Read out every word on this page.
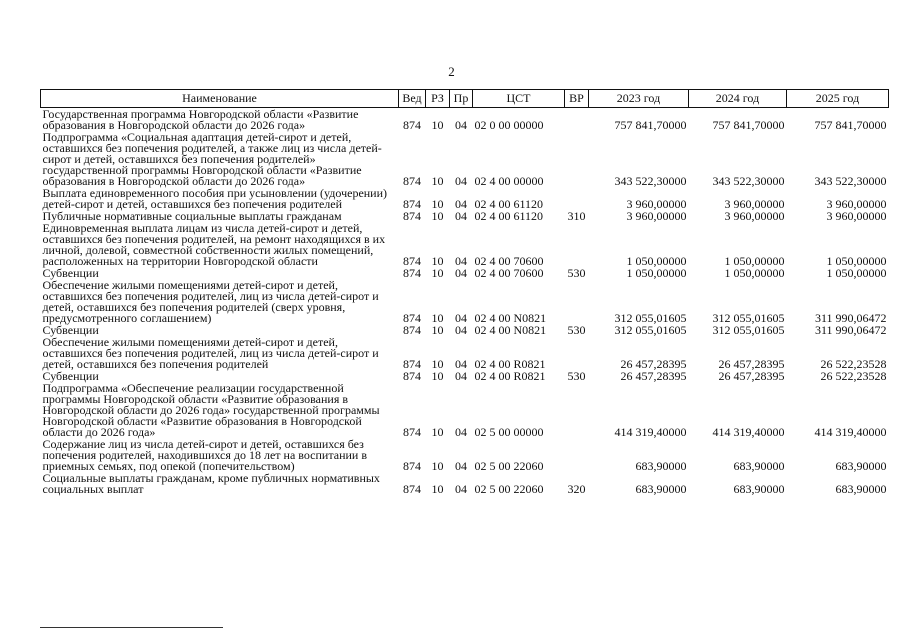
2
Наименование	Вед	РЗ	Пр	ЦСТ	ВР	2023 год	2024 год	2025 год
Государственная программа Новгородской области «Развитие образования в Новгородской области до 2026 года»	874	10	04	02 0 00 00000		757 841,70000	757 841,70000	757 841,70000
Подпрограмма «Социальная адаптация детей-сирот и детей, оставшихся без попечения родителей, а также лиц из числа детей-сирот и детей, оставшихся без попечения родителей» государственной программы Новгородской области «Развитие образования в Новгородской области до 2026 года»	874	10	04	02 4 00 00000		343 522,30000	343 522,30000	343 522,30000
Выплата единовременного пособия при усыновлении (удочерении) детей-сирот и детей, оставшихся без попечения родителей	874	10	04	02 4 00 61120		3 960,00000	3 960,00000	3 960,00000
Публичные нормативные социальные выплаты гражданам	874	10	04	02 4 00 61120	310	3 960,00000	3 960,00000	3 960,00000
Единовременная выплата лицам из числа детей-сирот и детей, оставшихся без попечения родителей, на ремонт находящихся в их личной, долевой, совместной собственности жилых помещений, расположенных на территории Новгородской области	874	10	04	02 4 00 70600		1 050,00000	1 050,00000	1 050,00000
Субвенции	874	10	04	02 4 00 70600	530	1 050,00000	1 050,00000	1 050,00000
Обеспечение жилыми помещениями детей-сирот и детей, оставшихся без попечения родителей, лиц из числа детей-сирот и детей, оставшихся без попечения родителей (сверх уровня, предусмотренного соглашением)	874	10	04	02 4 00 N0821		312 055,01605	312 055,01605	311 990,06472
Субвенции	874	10	04	02 4 00 N0821	530	312 055,01605	312 055,01605	311 990,06472
Обеспечение жилыми помещениями детей-сирот и детей, оставшихся без попечения родителей, лиц из числа детей-сирот и детей, оставшихся без попечения родителей	874	10	04	02 4 00 R0821		26 457,28395	26 457,28395	26 522,23528
Субвенции	874	10	04	02 4 00 R0821	530	26 457,28395	26 457,28395	26 522,23528
Подпрограмма «Обеспечение реализации государственной программы Новгородской области «Развитие образования в Новгородской области до 2026 года» государственной программы Новгородской области «Развитие образования в Новгородской области до 2026 года»	874	10	04	02 5 00 00000		414 319,40000	414 319,40000	414 319,40000
Содержание лиц из числа детей-сирот и детей, оставшихся без попечения родителей, находившихся до 18 лет на воспитании в приемных семьях, под опекой (попечительством)	874	10	04	02 5 00 22060		683,90000	683,90000	683,90000
Социальные выплаты гражданам, кроме публичных нормативных социальных выплат	874	10	04	02 5 00 22060	320	683,90000	683,90000	683,90000
